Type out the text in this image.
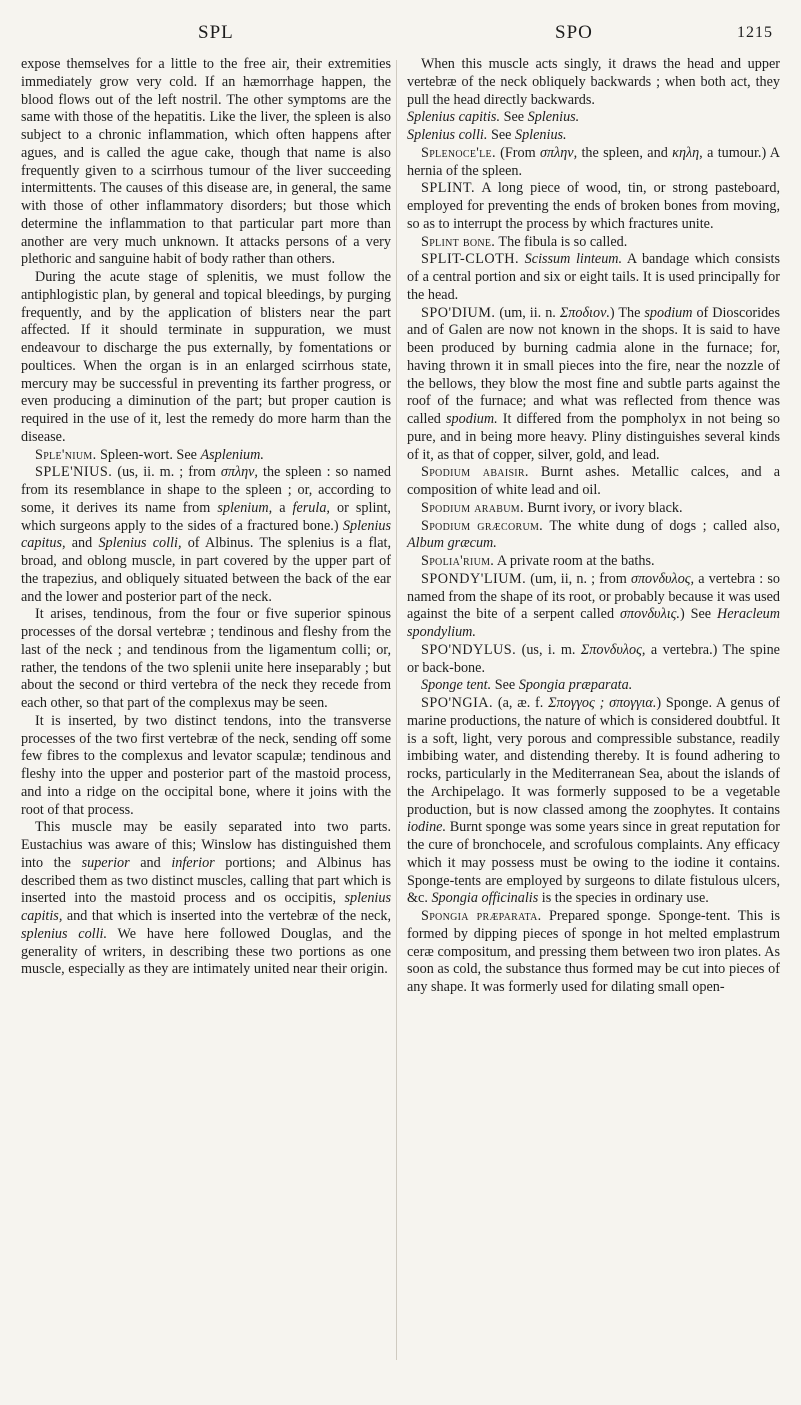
SPL	SPO	1215

expose themselves for a little to the free air, their extremities immediately grow very cold. If an hæmorrhage happen, the blood flows out of the left nostril. The other symptoms are the same with those of the hepatitis. Like the liver, the spleen is also subject to a chronic inflammation, which often happens after agues, and is called the ague cake, though that name is also frequently given to a scirrhous tumour of the liver succeeding intermittents. The causes of this disease are, in general, the same with those of other inflammatory disorders; but those which determine the inflammation to that particular part more than another are very much unknown. It attacks persons of a very plethoric and sanguine habit of body rather than others.

During the acute stage of splenitis, we must follow the antiphlogistic plan, by general and topical bleedings, by purging frequently, and by the application of blisters near the part affected. If it should terminate in suppuration, we must endeavour to discharge the pus externally, by fomentations or poultices. When the organ is in an enlarged scirrhous state, mercury may be successful in preventing its farther progress, or even producing a diminution of the part; but proper caution is required in the use of it, lest the remedy do more harm than the disease.

Sple'nium. Spleen-wort. See Asplenium.

SPLE'NIUS. (us, ii. m. ; from σπλην, the spleen : so named from its resemblance in shape to the spleen ; or, according to some, it derives its name from splenium, a ferula, or splint, which surgeons apply to the sides of a fractured bone.) Splenius capitus, and Splenius colli, of Albinus. The splenius is a flat, broad, and oblong muscle, in part covered by the upper part of the trapezius, and obliquely situated between the back of the ear and the lower and posterior part of the neck.

It arises, tendinous, from the four or five superior spinous processes of the dorsal vertebræ ; tendinous and fleshy from the last of the neck ; and tendinous from the ligamentum colli; or, rather, the tendons of the two splenii unite here inseparably ; but about the second or third vertebra of the neck they recede from each other, so that part of the complexus may be seen.

It is inserted, by two distinct tendons, into the transverse processes of the two first vertebræ of the neck, sending off some few fibres to the complexus and levator scapulæ; tendinous and fleshy into the upper and posterior part of the mastoid process, and into a ridge on the occipital bone, where it joins with the root of that process.

This muscle may be easily separated into two parts. Eustachius was aware of this; Winslow has distinguished them into the superior and inferior portions; and Albinus has described them as two distinct muscles, calling that part which is inserted into the mastoid process and os occipitis, splenius capitis, and that which is inserted into the vertebræ of the neck, splenius colli. We have here followed Douglas, and the generality of writers, in describing these two portions as one muscle, especially as they are intimately united near their origin.

When this muscle acts singly, it draws the head and upper vertebræ of the neck obliquely backwards ; when both act, they pull the head directly backwards.

Splenius capitis. See Splenius.

Splenius colli. See Splenius.

Splenoce'le. (From σπλην, the spleen, and κηλη, a tumour.) A hernia of the spleen.

SPLINT. A long piece of wood, tin, or strong pasteboard, employed for preventing the ends of broken bones from moving, so as to interrupt the process by which fractures unite.

Splint bone. The fibula is so called.

SPLIT-CLOTH. Scissum linteum. A bandage which consists of a central portion and six or eight tails. It is used principally for the head.

SPO'DIUM. (um, ii. n. Σποδιον.) The spodium of Dioscorides and of Galen are now not known in the shops. It is said to have been produced by burning cadmia alone in the furnace; for, having thrown it in small pieces into the fire, near the nozzle of the bellows, they blow the most fine and subtle parts against the roof of the furnace; and what was reflected from thence was called spodium. It differed from the pompholyx in not being so pure, and in being more heavy. Pliny distinguishes several kinds of it, as that of copper, silver, gold, and lead.

Spodium abaisir. Burnt ashes. Metallic calces, and a composition of white lead and oil.

Spodium arabum. Burnt ivory, or ivory black.

Spodium græcorum. The white dung of dogs ; called also, Album græcum.

Spolia'rium. A private room at the baths.

SPONDY'LIUM. (um, ii, n. ; from σπονδυλος, a vertebra : so named from the shape of its root, or probably because it was used against the bite of a serpent called σπονδυλις.) See Heracleum spondylium.

SPO'NDYLUS. (us, i. m. Σπονδυλος, a vertebra.) The spine or back-bone.

Sponge tent. See Spongia præparata.

SPO'NGIA. (a, æ. f. Σπογγος ; σπογγια.) Sponge. A genus of marine productions, the nature of which is considered doubtful. It is a soft, light, very porous and compressible substance, readily imbibing water, and distending thereby. It is found adhering to rocks, particularly in the Mediterranean Sea, about the islands of the Archipelago. It was formerly supposed to be a vegetable production, but is now classed among the zoophytes. It contains iodine. Burnt sponge was some years since in great reputation for the cure of bronchocele, and scrofulous complaints. Any efficacy which it may possess must be owing to the iodine it contains. Sponge-tents are employed by surgeons to dilate fistulous ulcers, &c. Spongia officinalis is the species in ordinary use.

Spongia præparata. Prepared sponge. Sponge-tent. This is formed by dipping pieces of sponge in hot melted emplastrum ceræ compositum, and pressing them between two iron plates. As soon as cold, the substance thus formed may be cut into pieces of any shape. It was formerly used for dilating small open-
